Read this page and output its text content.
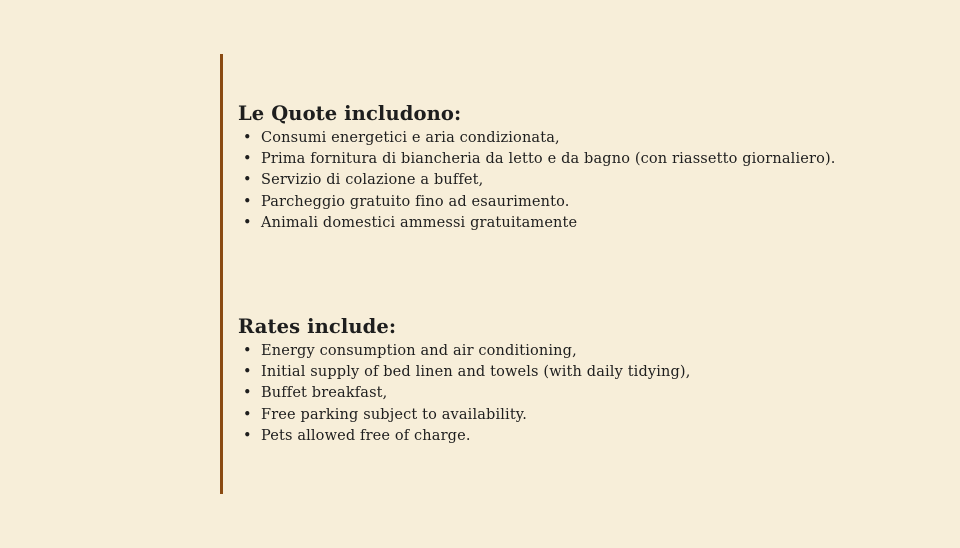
Le Quote includono:
• Consumi energetici e aria condizionata,
• Prima fornitura di biancheria da letto e da bagno (con riassetto giornaliero).
• Servizio di colazione a buffet,
• Parcheggio gratuito fino ad esaurimento.
• Animali domestici ammessi gratuitamente
Rates include:
• Energy consumption and air conditioning,
• Initial supply of bed linen and towels (with daily tidying),
• Buffet breakfast,
• Free parking subject to availability.
• Pets allowed free of charge.
